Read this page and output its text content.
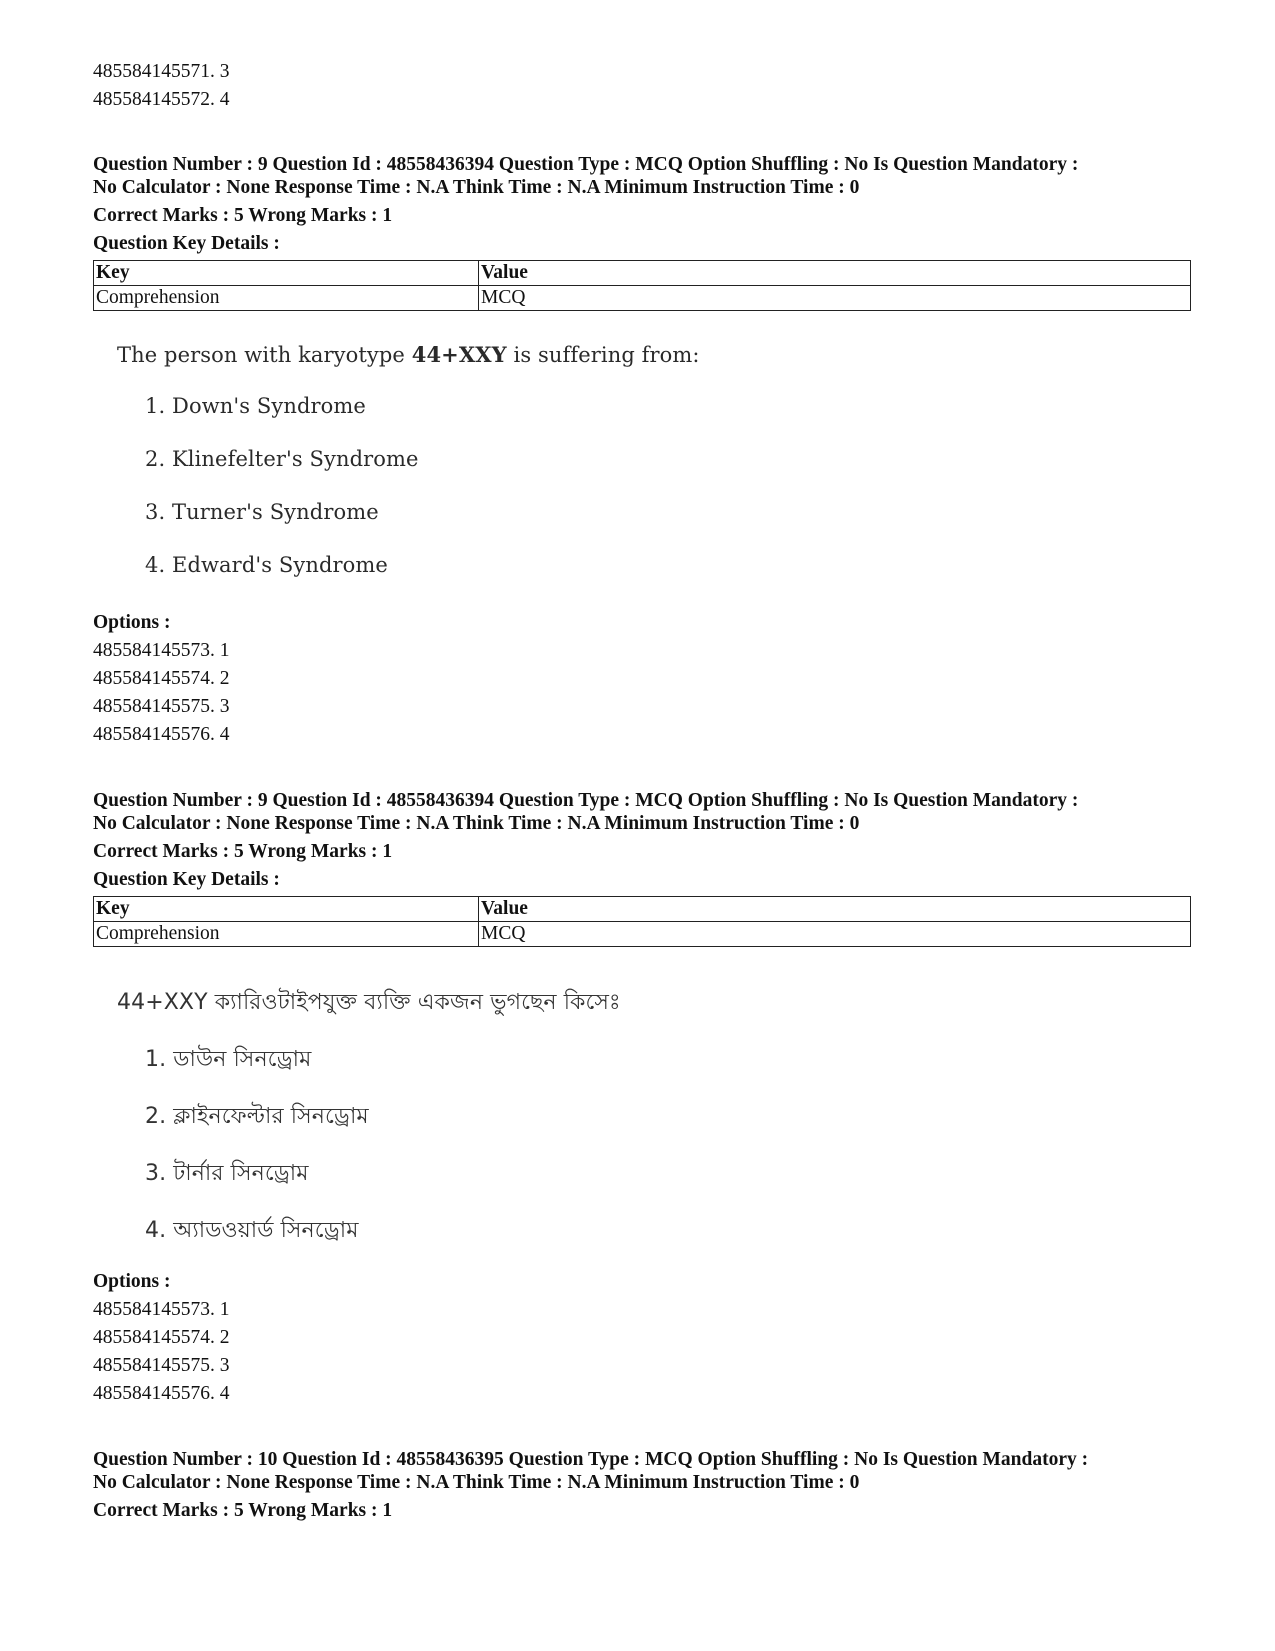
485584145571. 3
485584145572. 4
Question Number : 9 Question Id : 48558436394 Question Type : MCQ Option Shuffling : No Is Question Mandatory :
No Calculator : None Response Time : N.A Think Time : N.A Minimum Instruction Time : 0
Correct Marks : 5 Wrong Marks : 1
Question Key Details :
Key	Value
Comprehension	MCQ
The person with karyotype 44+XXY is suffering from:
1. Down's Syndrome
2. Klinefelter's Syndrome
3. Turner's Syndrome
4. Edward's Syndrome
Options :
485584145573. 1
485584145574. 2
485584145575. 3
485584145576. 4
Question Number : 9 Question Id : 48558436394 Question Type : MCQ Option Shuffling : No Is Question Mandatory :
No Calculator : None Response Time : N.A Think Time : N.A Minimum Instruction Time : 0
Correct Marks : 5 Wrong Marks : 1
Question Key Details :
Key	Value
Comprehension	MCQ
44+XXY ক্যারিওটাইপযুক্ত ব্যক্তি একজন ভুগছেন কিসেঃ
1. ডাউন সিনড্রোম
2. ক্লাইনফেল্টার সিনড্রোম
3. টার্নার সিনড্রোম
4. অ্যাডওয়ার্ড সিনড্রোম
Options :
485584145573. 1
485584145574. 2
485584145575. 3
485584145576. 4
Question Number : 10 Question Id : 48558436395 Question Type : MCQ Option Shuffling : No Is Question Mandatory :
No Calculator : None Response Time : N.A Think Time : N.A Minimum Instruction Time : 0
Correct Marks : 5 Wrong Marks : 1
